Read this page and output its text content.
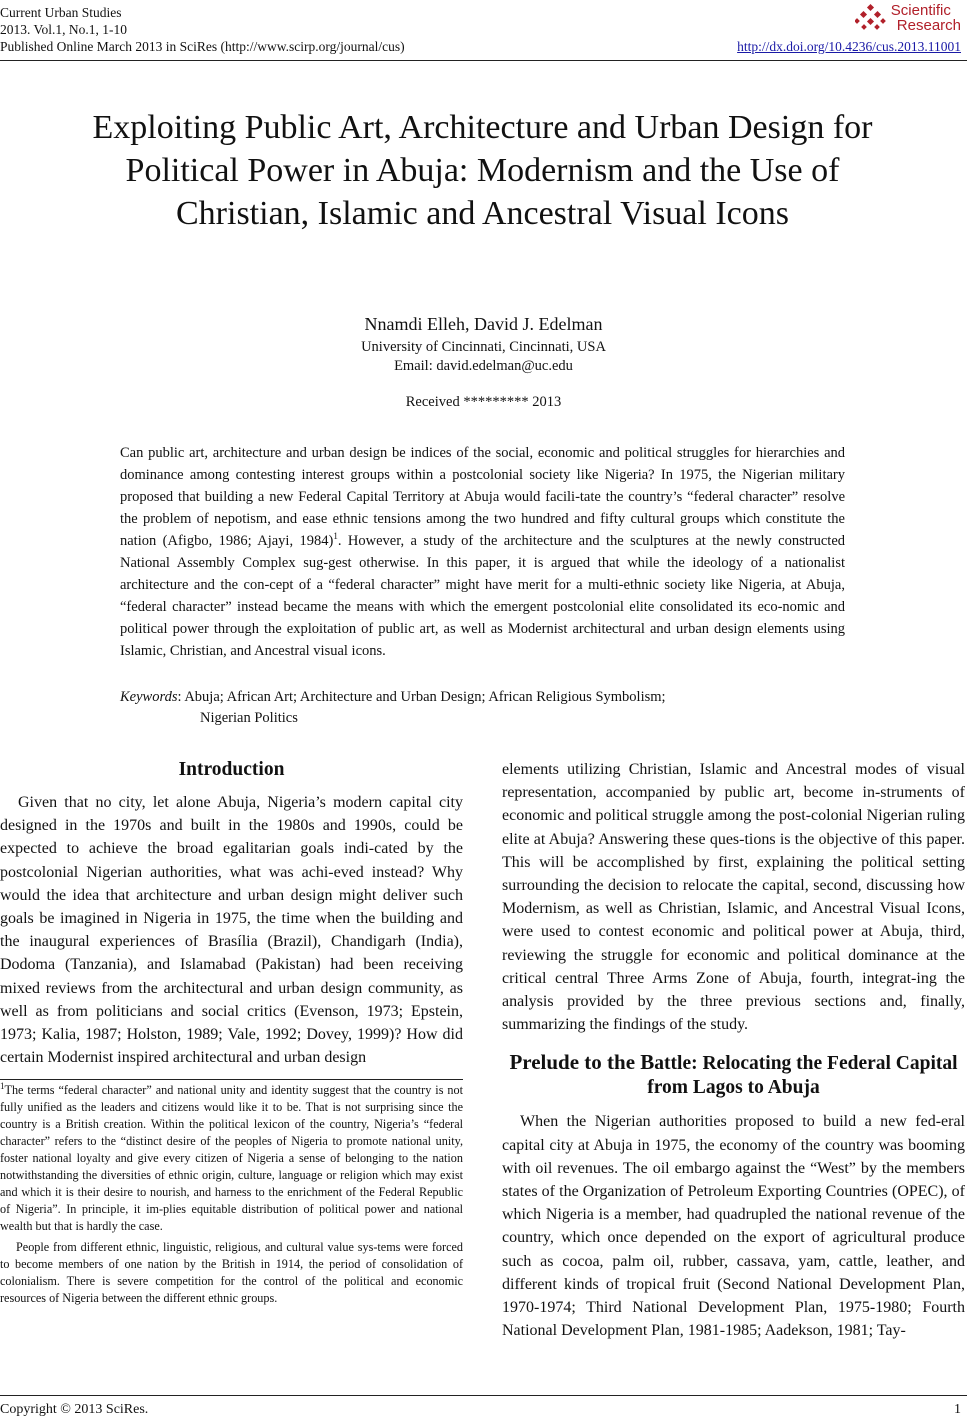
Current Urban Studies
2013. Vol.1, No.1, 1-10
Published Online March 2013 in SciRes (http://www.scirp.org/journal/cus)
Scientific
Research
http://dx.doi.org/10.4236/cus.2013.11001
Exploiting Public Art, Architecture and Urban Design for Political Power in Abuja: Modernism and the Use of Christian, Islamic and Ancestral Visual Icons
Nnamdi Elleh, David J. Edelman
University of Cincinnati, Cincinnati, USA
Email: david.edelman@uc.edu
Received ********* 2013

Can public art, architecture and urban design be indices of the social, economic and political struggles for hierarchies and dominance among contesting interest groups within a postcolonial society like Nigeria? In 1975, the Nigerian military proposed that building a new Federal Capital Territory at Abuja would facili-tate the country’s “federal character” resolve the problem of nepotism, and ease ethnic tensions among the two hundred and fifty cultural groups which constitute the nation (Afigbo, 1986; Ajayi, 1984)$^1$. However, a study of the architecture and the sculptures at the newly constructed National Assembly Complex sug-gest otherwise. In this paper, it is argued that while the ideology of a nationalist architecture and the con-cept of a “federal character” might have merit for a multi-ethnic society like Nigeria, at Abuja, “federal character” instead became the means with which the emergent postcolonial elite consolidated its eco-nomic and political power through the exploitation of public art, as well as Modernist architectural and urban design elements using Islamic, Christian, and Ancestral visual icons.

Keywords: Abuja; African Art; Architecture and Urban Design; African Religious Symbolism;
Nigerian Politics
Introduction

Given that no city, let alone Abuja, Nigeria’s modern capital city designed in the 1970s and built in the 1980s and 1990s, could be expected to achieve the broad egalitarian goals indi-cated by the postcolonial Nigerian authorities, what was achi-eved instead? Why would the idea that architecture and urban design might deliver such goals be imagined in Nigeria in 1975, the time when the building and the inaugural experiences of Brasília (Brazil), Chandigarh (India), Dodoma (Tanzania), and Islamabad (Pakistan) had been receiving mixed reviews from the architectural and urban design community, as well as from politicians and social critics (Evenson, 1973; Epstein, 1973; Kalia, 1987; Holston, 1989; Vale, 1992; Dovey, 1999)? How did certain Modernist inspired architectural and urban design

$^1$The terms “federal character” and national unity and identity suggest that the country is not fully unified as the leaders and citizens would like it to be. That is not surprising since the country is a British creation. Within the political lexicon of the country, Nigeria’s “federal character” refers to the “distinct desire of the peoples of Nigeria to promote national unity, foster national loyalty and give every citizen of Nigeria a sense of belonging to the nation notwithstanding the diversities of ethnic origin, culture, language or religion which may exist and which it is their desire to nourish, and harness to the enrichment of the Federal Republic of Nigeria”. In principle, it im-plies equitable distribution of political power and national wealth but that is hardly the case.

People from different ethnic, linguistic, religious, and cultural value sys-tems were forced to become members of one nation by the British in 1914, the period of consolidation of colonialism. There is severe competition for the control of the political and economic resources of Nigeria between the different ethnic groups.

elements utilizing Christian, Islamic and Ancestral modes of visual representation, accompanied by public art, become in-struments of economic and political struggle among the post-colonial Nigerian ruling elite at Abuja? Answering these ques-tions is the objective of this paper. This will be accomplished by first, explaining the political setting surrounding the decision to relocate the capital, second, discussing how Modernism, as well as Christian, Islamic, and Ancestral Visual Icons, were used to contest economic and political power at Abuja, third, reviewing the struggle for economic and political dominance at the critical central Three Arms Zone of Abuja, fourth, integrat-ing the analysis provided by the three previous sections and, finally, summarizing the findings of the study.

Prelude to the Battle: Relocating the Federal Capital from Lagos to Abuja

When the Nigerian authorities proposed to build a new fed-eral capital city at Abuja in 1975, the economy of the country was booming with oil revenues. The oil embargo against the “West” by the members states of the Organization of Petroleum Exporting Countries (OPEC), of which Nigeria is a member, had quadrupled the national revenue of the country, which once depended on the export of agricultural produce such as cocoa, palm oil, rubber, cassava, yam, cattle, leather, and different kinds of tropical fruit (Second National Development Plan, 1970-1974; Third National Development Plan, 1975-1980; Fourth National Development Plan, 1981-1985; Aadekson, 1981; Tay-

Copyright © 2013 SciRes.	1
